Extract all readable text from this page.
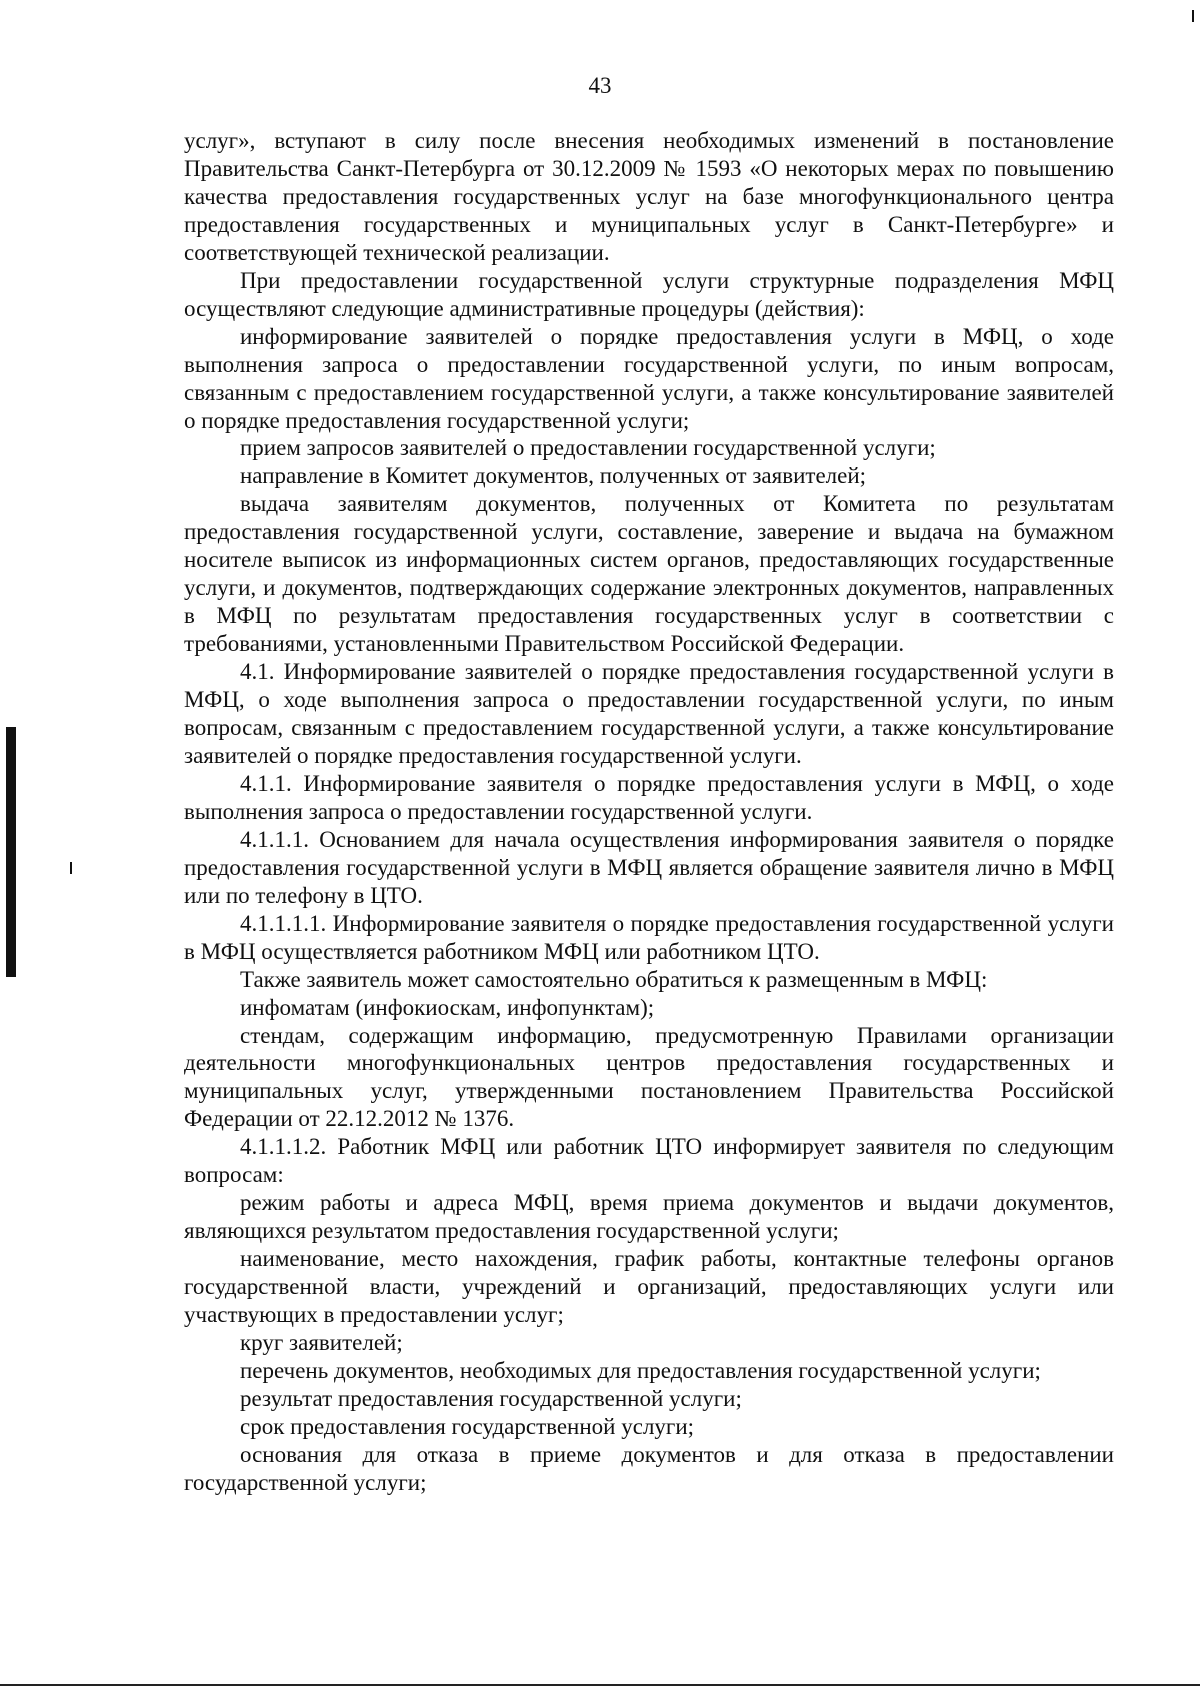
43

услуг», вступают в силу после внесения необходимых изменений в постановление Правительства Санкт-Петербурга от 30.12.2009 № 1593 «О некоторых мерах по повышению качества предоставления государственных услуг на базе многофункционального центра предоставления государственных и муниципальных услуг в Санкт-Петербурге» и соответствующей технической реализации.

При предоставлении государственной услуги структурные подразделения МФЦ осуществляют следующие административные процедуры (действия):

информирование заявителей о порядке предоставления услуги в МФЦ, о ходе выполнения запроса о предоставлении государственной услуги, по иным вопросам, связанным с предоставлением государственной услуги, а также консультирование заявителей о порядке предоставления государственной услуги;

прием запросов заявителей о предоставлении государственной услуги;

направление в Комитет документов, полученных от заявителей;

выдача заявителям документов, полученных от Комитета по результатам предоставления государственной услуги, составление, заверение и выдача на бумажном носителе выписок из информационных систем органов, предоставляющих государственные услуги, и документов, подтверждающих содержание электронных документов, направленных в МФЦ по результатам предоставления государственных услуг в соответствии с требованиями, установленными Правительством Российской Федерации.

4.1. Информирование заявителей о порядке предоставления государственной услуги в МФЦ, о ходе выполнения запроса о предоставлении государственной услуги, по иным вопросам, связанным с предоставлением государственной услуги, а также консультирование заявителей о порядке предоставления государственной услуги.

4.1.1. Информирование заявителя о порядке предоставления услуги в МФЦ, о ходе выполнения запроса о предоставлении государственной услуги.

4.1.1.1. Основанием для начала осуществления информирования заявителя о порядке предоставления государственной услуги в МФЦ является обращение заявителя лично в МФЦ или по телефону в ЦТО.

4.1.1.1.1. Информирование заявителя о порядке предоставления государственной услуги в МФЦ осуществляется работником МФЦ или работником ЦТО.

Также заявитель может самостоятельно обратиться к размещенным в МФЦ:

инфоматам (инфокиоскам, инфопунктам);

стендам, содержащим информацию, предусмотренную Правилами организации деятельности многофункциональных центров предоставления государственных и муниципальных услуг, утвержденными постановлением Правительства Российской Федерации от 22.12.2012 № 1376.

4.1.1.1.2. Работник МФЦ или работник ЦТО информирует заявителя по следующим вопросам:

режим работы и адреса МФЦ, время приема документов и выдачи документов, являющихся результатом предоставления государственной услуги;

наименование, место нахождения, график работы, контактные телефоны органов государственной власти, учреждений и организаций, предоставляющих услуги или участвующих в предоставлении услуг;

круг заявителей;

перечень документов, необходимых для предоставления государственной услуги;

результат предоставления государственной услуги;

срок предоставления государственной услуги;

основания для отказа в приеме документов и для отказа в предоставлении государственной услуги;
